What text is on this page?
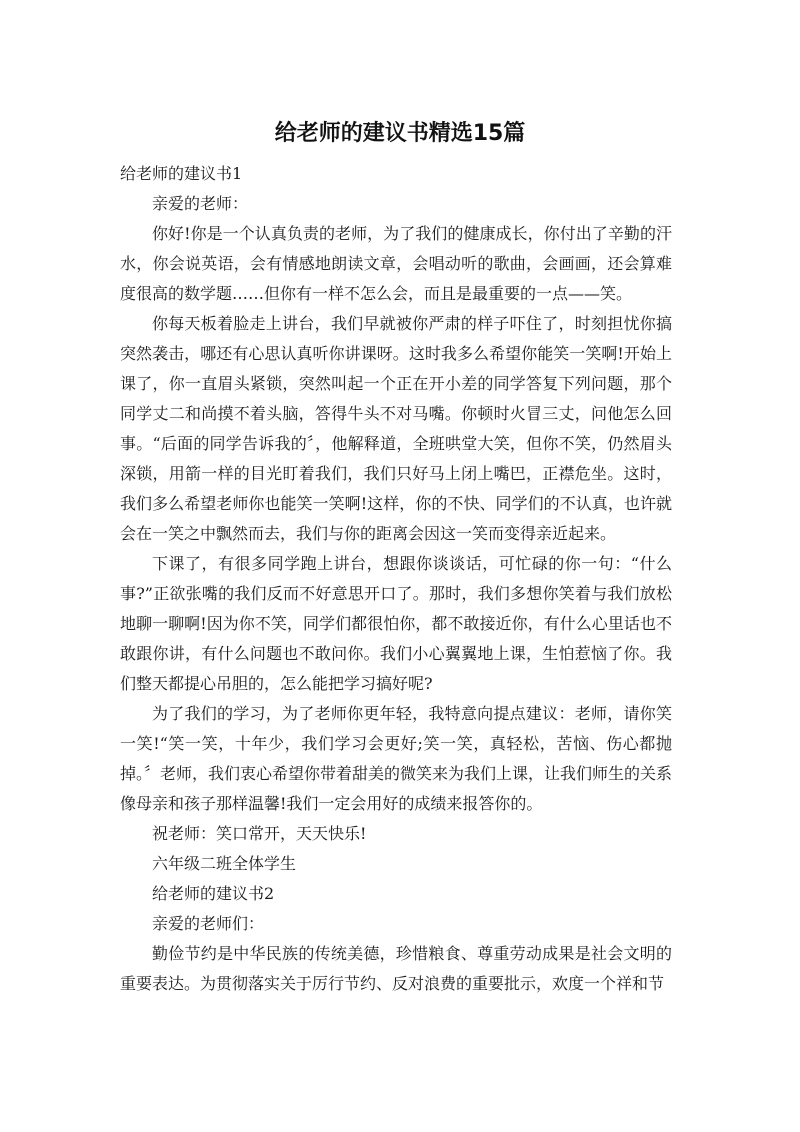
给老师的建议书精选15篇

给老师的建议书1

亲爱的老师：

你好!你是一个认真负责的老师，为了我们的健康成长，你付出了辛勤的汗水，你会说英语，会有情感地朗读文章，会唱动听的歌曲，会画画，还会算难度很高的数学题……但你有一样不怎么会，而且是最重要的一点——笑。

你每天板着脸走上讲台，我们早就被你严肃的样子吓住了，时刻担忧你搞突然袭击，哪还有心思认真听你讲课呀。这时我多么希望你能笑一笑啊!开始上课了，你一直眉头紧锁，突然叫起一个正在开小差的同学答复下列问题，那个同学丈二和尚摸不着头脑，答得牛头不对马嘴。你顿时火冒三丈，问他怎么回事。“后面的同学告诉我的〞，他解释道，全班哄堂大笑，但你不笑，仍然眉头深锁，用箭一样的目光盯着我们，我们只好马上闭上嘴巴，正襟危坐。这时，我们多么希望老师你也能笑一笑啊!这样，你的不快、同学们的不认真，也许就会在一笑之中飘然而去，我们与你的距离会因这一笑而变得亲近起来。

下课了，有很多同学跑上讲台，想跟你谈谈话，可忙碌的你一句：“什么事?”正欲张嘴的我们反而不好意思开口了。那时，我们多想你笑着与我们放松地聊一聊啊!因为你不笑，同学们都很怕你，都不敢接近你，有什么心里话也不敢跟你讲，有什么问题也不敢问你。我们小心翼翼地上课，生怕惹恼了你。我们整天都提心吊胆的，怎么能把学习搞好呢?

为了我们的学习，为了老师你更年轻，我特意向提点建议：老师，请你笑一笑!“笑一笑，十年少，我们学习会更好;笑一笑，真轻松，苦恼、伤心都抛掉。〞老师，我们衷心希望你带着甜美的微笑来为我们上课，让我们师生的关系像母亲和孩子那样温馨!我们一定会用好的成绩来报答你的。

祝老师：笑口常开，天天快乐!

六年级二班全体学生

给老师的建议书2

亲爱的老师们：

勤俭节约是中华民族的传统美德，珍惜粮食、尊重劳动成果是社会文明的重要表达。为贯彻落实关于厉行节约、反对浪费的重要批示，欢度一个祥和节
